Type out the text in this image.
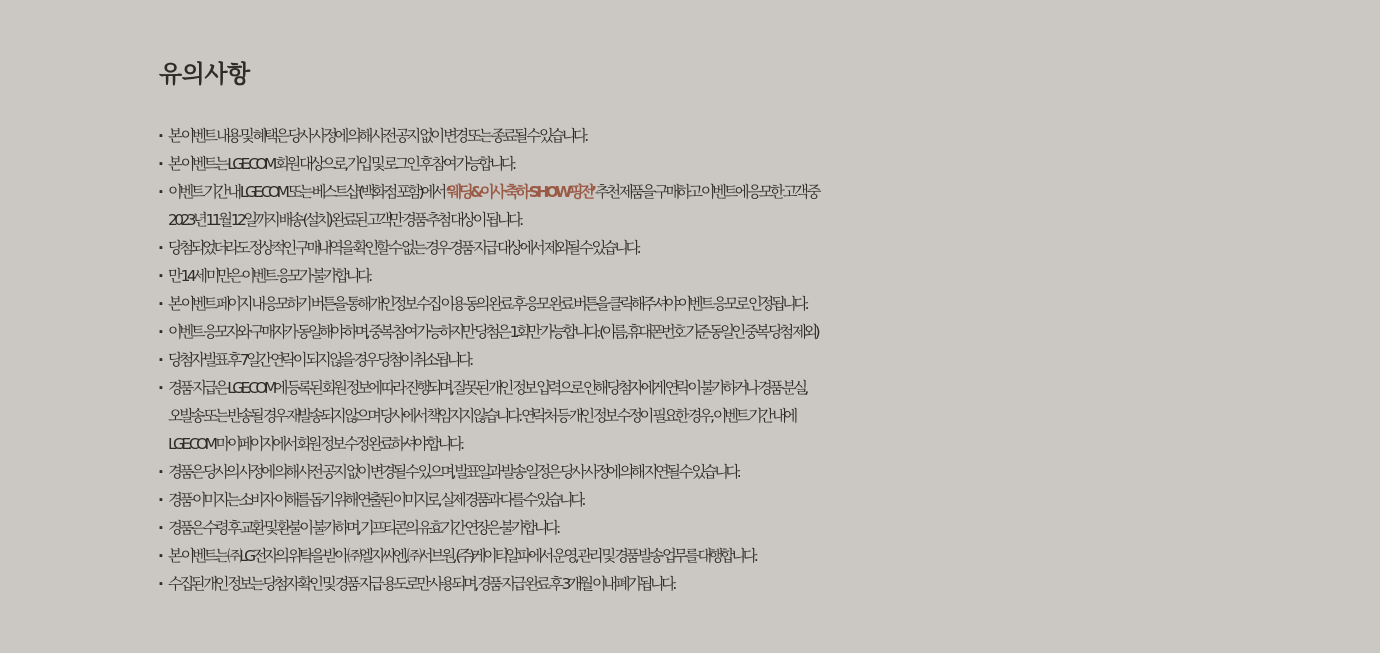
유의사항
· 본 이벤트 내용 및 혜택은 당사 사정에 의해 사전 공지 없이 변경 또는 종료될 수 있습니다.
· 본 이벤트는 LGE.COM 회원 대상으로, 가입 및 로그인 후 참여 가능합니다.
· 이벤트 기간 내 LGE.COM 또는 베스트샵 (백화점 포함)에서 ‘웨딩&이사 축하 SHOW핑전’ 추천 제품을 구매하고 이벤트에 응모한 고객 중
2023년 11월 12일까지 배송 (설치) 완료된 고객만 경품 추첨 대상이 됩니다.
· 당첨되었더라도 정상적인 구매내역을 확인할 수 없는 경우 경품 지급 대상에서 제외될 수 있습니다.
· 만 14세 미만은 이벤트 응모가 불가합니다.
· 본 이벤트 페이지 내 응모하기 버튼을 통해 개인정보 수집 이용 동의 완료 후 응모 완료 버튼을 클릭해주셔야 이벤트 응모로 인정됩니다.
· 이벤트 응모자와 구매자가 동일해야 하며, 중복 참여 가능하지만 당첨은 1회만 가능합니다. (이름, 휴대폰번호 기준 동일인 중복 당첨 제외)
· 당첨자 발표 후 7일간 연락이 되지 않을 경우 당첨이 취소됩니다.
· 경품 지급은 LGE.COM에 등록된 회원 정보에 따라 진행되며, 잘못된 개인 정보 입력으로 인해 당첨자에게 연락이 불가하거나 경품 분실,
오발송 또는 반송될 경우 재발송되지 않으며 당사에서 책임지지 않습니다. 연락처 등 개인 정보 수정이 필요한 경우, 이벤트 기간 내에
LGE.COM 마이페이지에서 회원 정보 수정 완료하셔야 합니다.
· 경품은 당사의 사정에 의해 사전 공지 없이 변경될 수 있으며, 발표일과 발송 일정은 당사 사정에 의해 지연될 수 있습니다.
· 경품 이미지는 소비자 이해를 돕기 위해 연출된 이미지로, 실제 경품과 다를 수 있습니다.
· 경품은 수령 후 교환 및 환불이 불가하며, 기프티콘의 유효기간 연장은 불가합니다.
· 본 이벤트는 ㈜LG전자의 위탁을 받아 ㈜엘지씨엔, ㈜서브원, (주)케이티알파에서 운영, 관리 및 경품 발송 업무를 대행합니다.
· 수집된 개인 정보는 당첨자 확인 및 경품 지급 용도로만 사용되며, 경품 지급 완료 후 3개월 이내 폐기됩니다.
